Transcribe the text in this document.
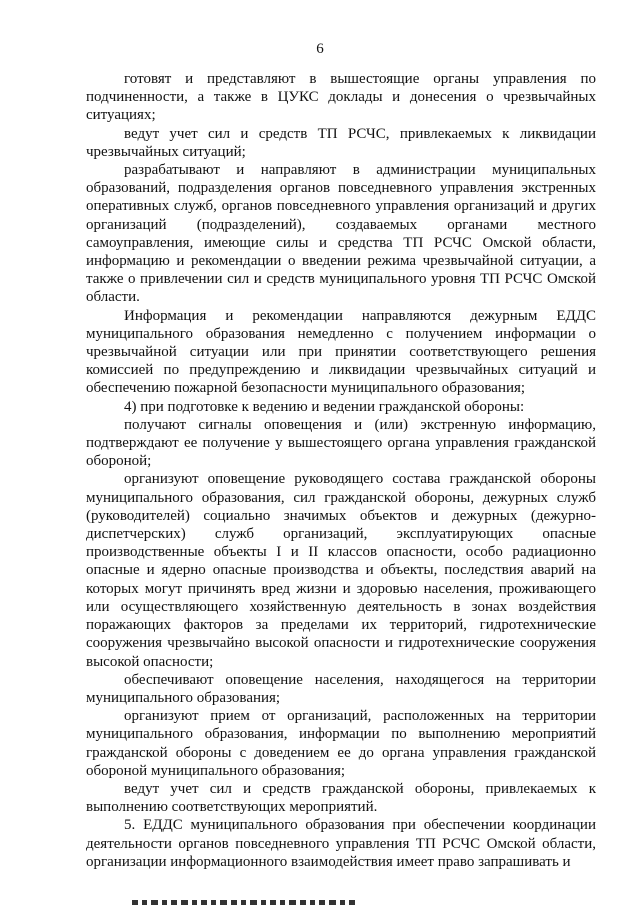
6

готовят и представляют в вышестоящие органы управления по подчиненности, а также в ЦУКС доклады и донесения о чрезвычайных ситуациях;

ведут учет сил и средств ТП РСЧС, привлекаемых к ликвидации чрезвычайных ситуаций;

разрабатывают и направляют в администрации муниципальных образований, подразделения органов повседневного управления экстренных оперативных служб, органов повседневного управления организаций и других организаций (подразделений), создаваемых органами местного самоуправления, имеющие силы и средства ТП РСЧС Омской области, информацию и рекомендации о введении режима чрезвычайной ситуации, а также о привлечении сил и средств муниципального уровня ТП РСЧС Омской области.

Информация и рекомендации направляются дежурным ЕДДС муниципального образования немедленно с получением информации о чрезвычайной ситуации или при принятии соответствующего решения комиссией по предупреждению и ликвидации чрезвычайных ситуаций и обеспечению пожарной безопасности муниципального образования;

4) при подготовке к ведению и ведении гражданской обороны:

получают сигналы оповещения и (или) экстренную информацию, подтверждают ее получение у вышестоящего органа управления гражданской обороной;

организуют оповещение руководящего состава гражданской обороны муниципального образования, сил гражданской обороны, дежурных служб (руководителей) социально значимых объектов и дежурных (дежурно-диспетчерских) служб организаций, эксплуатирующих опасные производственные объекты I и II классов опасности, особо радиационно опасные и ядерно опасные производства и объекты, последствия аварий на которых могут причинять вред жизни и здоровью населения, проживающего или осуществляющего хозяйственную деятельность в зонах воздействия поражающих факторов за пределами их территорий, гидротехнические сооружения чрезвычайно высокой опасности и гидротехнические сооружения высокой опасности;

обеспечивают оповещение населения, находящегося на территории муниципального образования;

организуют прием от организаций, расположенных на территории муниципального образования, информации по выполнению мероприятий гражданской обороны с доведением ее до органа управления гражданской обороной муниципального образования;

ведут учет сил и средств гражданской обороны, привлекаемых к выполнению соответствующих мероприятий.

5. ЕДДС муниципального образования при обеспечении координации деятельности органов повседневного управления ТП РСЧС Омской области, организации информационного взаимодействия имеет право запрашивать и
